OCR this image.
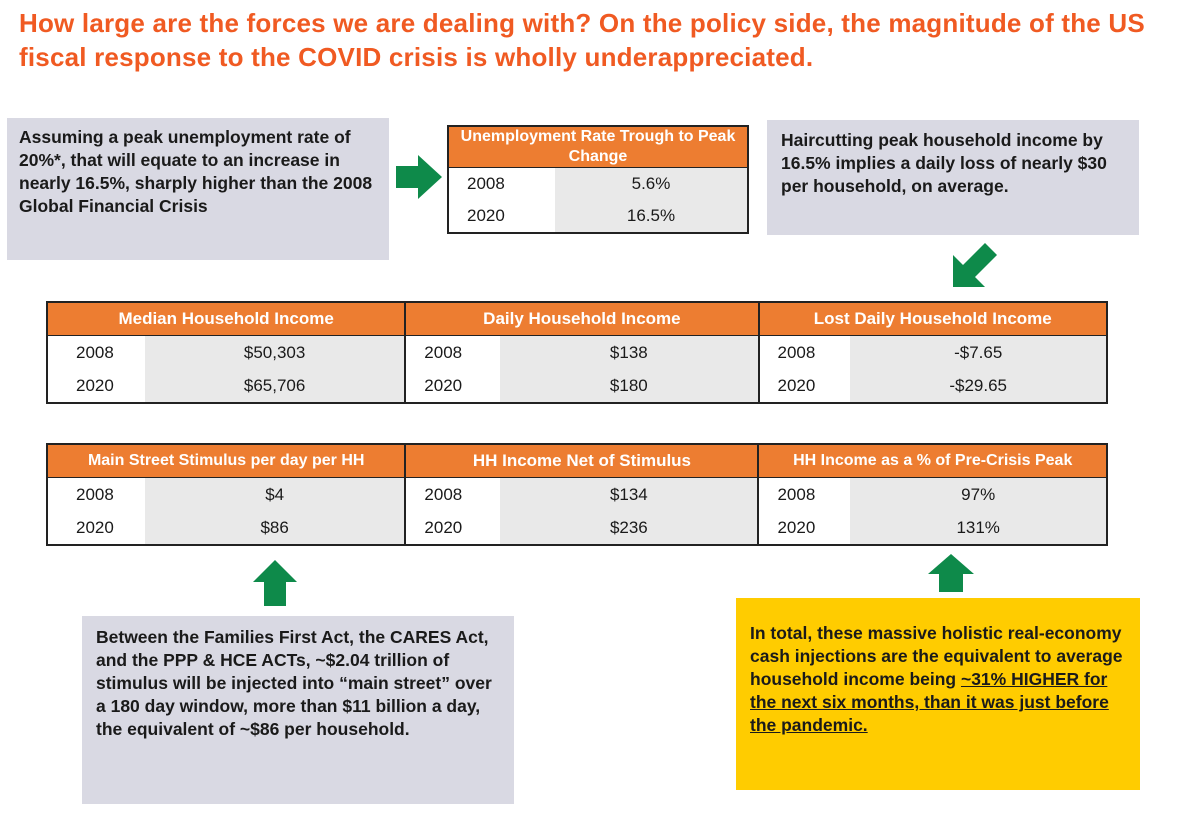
How large are the forces we are dealing with? On the policy side, the magnitude of the US fiscal response to the COVID crisis is wholly underappreciated.
Assuming a peak unemployment rate of 20%*, that will equate to an increase in nearly 16.5%, sharply higher than the 2008 Global Financial Crisis
Unemployment Rate Trough to Peak Change	
2008	5.6%
2020	16.5%
Haircutting peak household income by 16.5% implies a daily loss of nearly $30 per household, on average.
Median Household Income		Daily Household Income		Lost Daily Household Income	
2008	$50,303	2008	$138	2008	-$7.65
2020	$65,706	2020	$180	2020	-$29.65
Main Street Stimulus per day per HH		HH Income Net of Stimulus		HH Income as a % of Pre-Crisis Peak	
2008	$4	2008	$134	2008	97%
2020	$86	2020	$236	2020	131%
Between the Families First Act, the CARES Act, and the PPP & HCE ACTs, ~$2.04 trillion of stimulus will be injected into “main street” over a 180 day window, more than $11 billion a day, the equivalent of ~$86 per household.
In total, these massive holistic real-economy cash injections are the equivalent to average household income being ~31% HIGHER for the next six months, than it was just before the pandemic.
